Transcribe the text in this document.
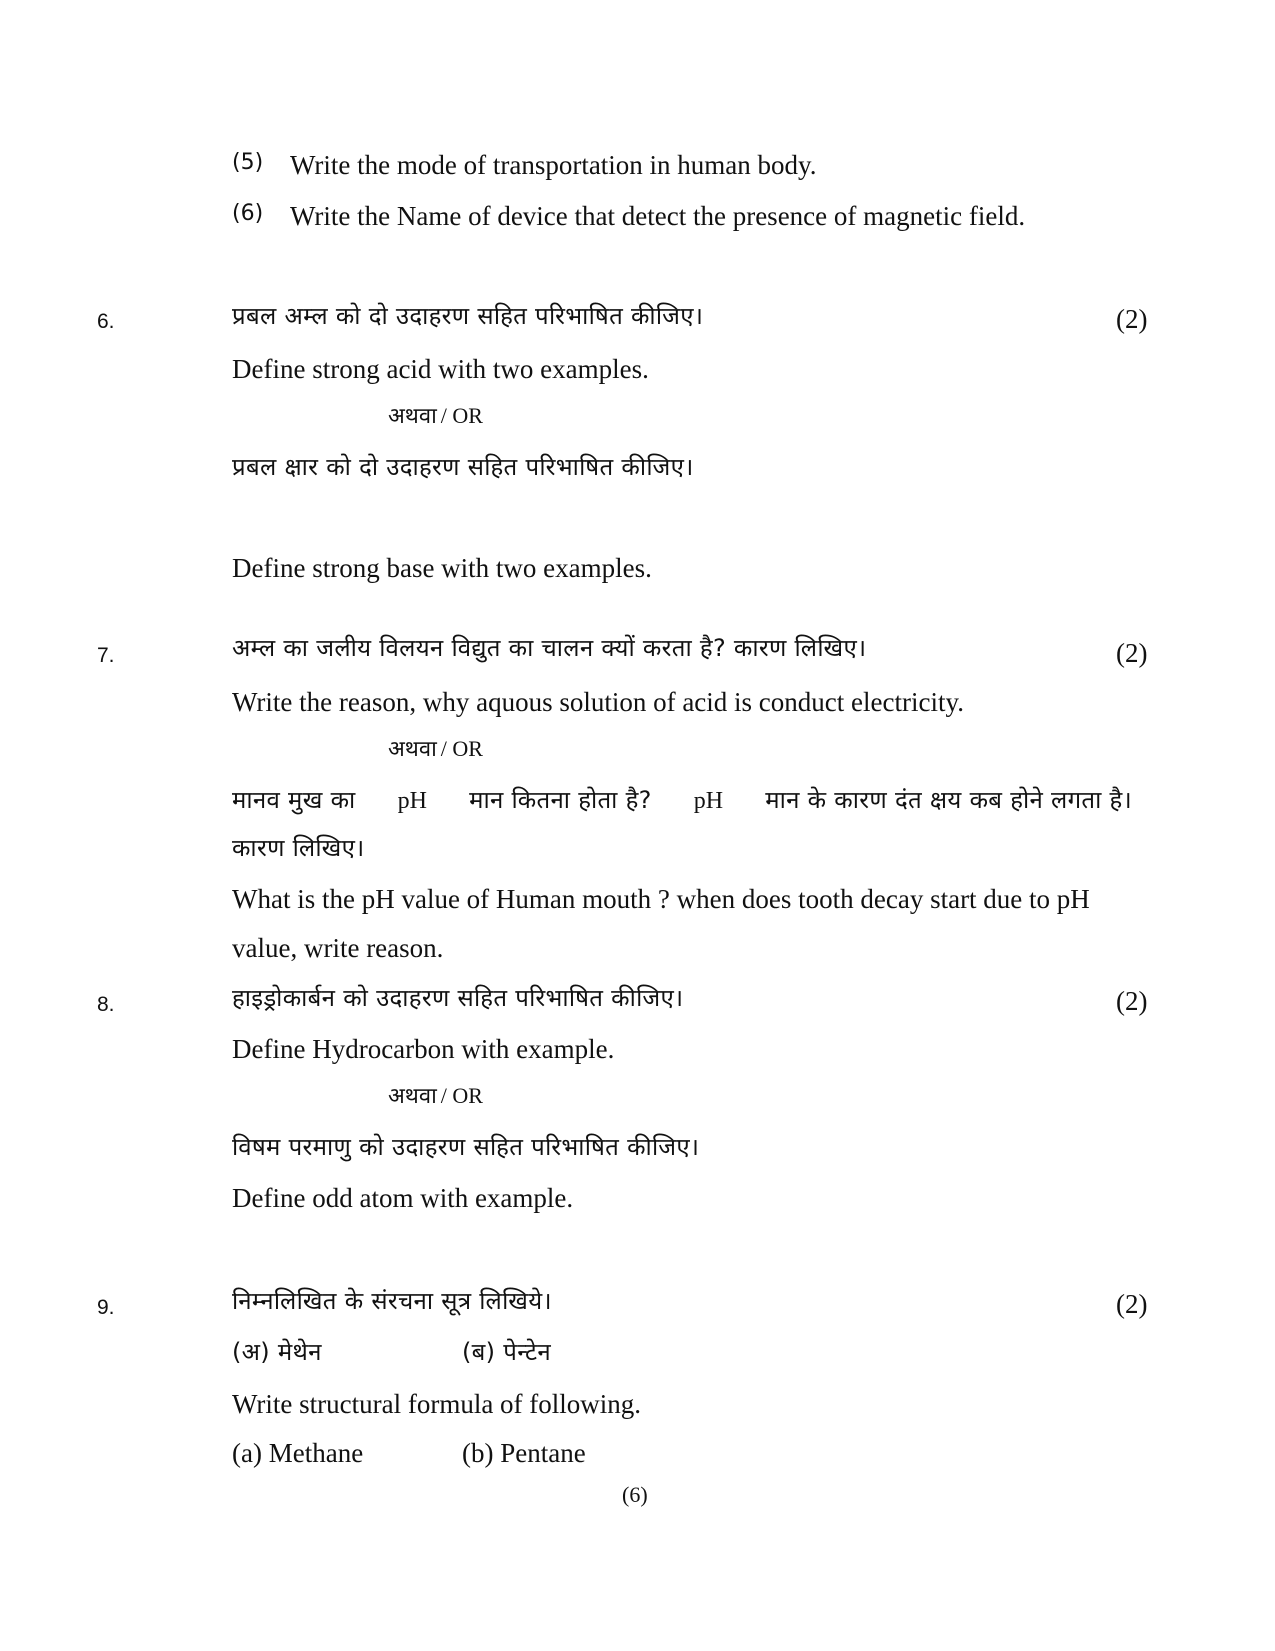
(5) Write the mode of transportation in human body.
(6) Write the Name of device that detect the presence of magnetic field.
6.	प्रबल अम्ल को दो उदाहरण सहित परिभाषित कीजिए।	(2)
Define strong acid with two examples.
अथवा / OR
प्रबल क्षार को दो उदाहरण सहित परिभाषित कीजिए।
Define strong base with two examples.
7.	अम्ल का जलीय विलयन विद्युत का चालन क्यों करता है? कारण लिखिए।	(2)
Write the reason, why aquous solution of acid is conduct electricity.
अथवा / OR
मानव मुख का pH मान कितना होता है? pH मान के कारण दंत क्षय कब होने लगता है।
कारण लिखिए।
What is the pH value of Human mouth ? when does tooth decay start due to pH
value, write reason.
8.	हाइड्रोकार्बन को उदाहरण सहित परिभाषित कीजिए।	(2)
Define Hydrocarbon with example.
अथवा / OR
विषम परमाणु को उदाहरण सहित परिभाषित कीजिए।
Define odd atom with example.
9.	निम्नलिखित के संरचना सूत्र लिखिये।	(2)
(अ) मेथेन	(ब) पेन्टेन
Write structural formula of following.
(a) Methane	(b) Pentane
(6)
